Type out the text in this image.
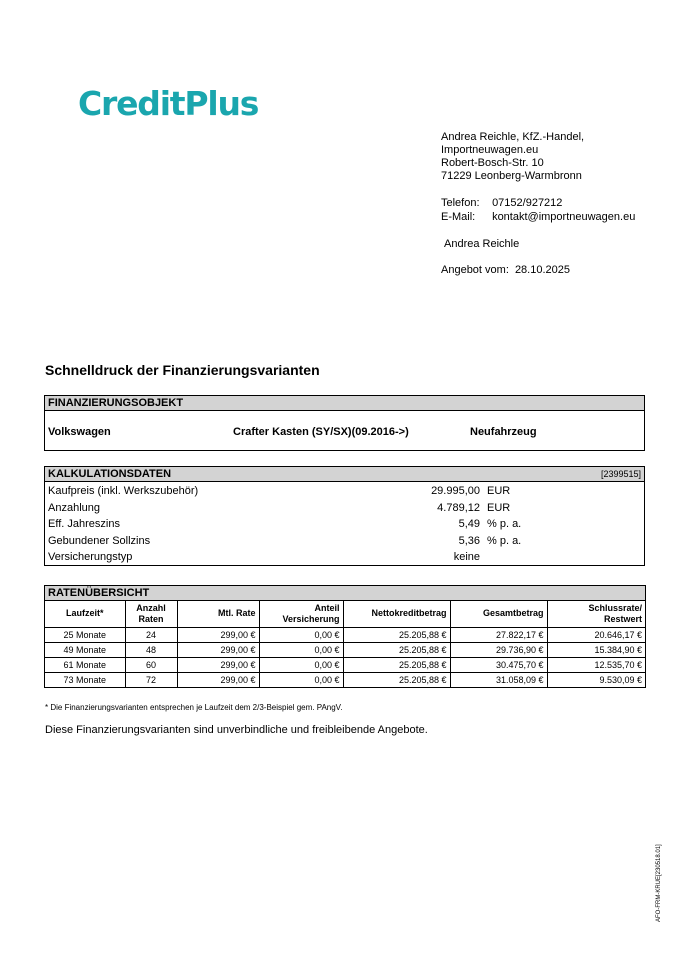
CreditPlus
Andrea Reichle, KfZ.-Handel,
Importneuwagen.eu
Robert-Bosch-Str. 10
71229 Leonberg-Warmbronn
Telefon: 07152/927212
E-Mail: kontakt@importneuwagen.eu
Andrea Reichle
Angebot vom: 28.10.2025
Schnelldruck der Finanzierungsvarianten
FINANZIERUNGSOBJEKT
Volkswagen	Crafter Kasten (SY/SX)(09.2016->)	Neufahrzeug
KALKULATIONSDATEN	[2399515]
Kaufpreis (inkl. Werkszubehör)	29.995,00 EUR
Anzahlung	4.789,12 EUR
Eff. Jahreszins	5,49 % p. a.
Gebundener Sollzins	5,36 % p. a.
Versicherungstyp	keine
RATENÜBERSICHT
Laufzeit*	Anzahl Raten	Mtl. Rate	Anteil Versicherung	Nettokreditbetrag	Gesamtbetrag	Schlussrate/ Restwert
25 Monate	24	299,00 €	0,00 €	25.205,88 €	27.822,17 €	20.646,17 €
49 Monate	48	299,00 €	0,00 €	25.205,88 €	29.736,90 €	15.384,90 €
61 Monate	60	299,00 €	0,00 €	25.205,88 €	30.475,70 €	12.535,70 €
73 Monate	72	299,00 €	0,00 €	25.205,88 €	31.058,09 €	9.530,09 €
* Die Finanzierungsvarianten entsprechen je Laufzeit dem 2/3-Beispiel gem. PAngV.
Diese Finanzierungsvarianten sind unverbindliche und freibleibende Angebote.
AFO-FRM-KRUE[230518.01]
